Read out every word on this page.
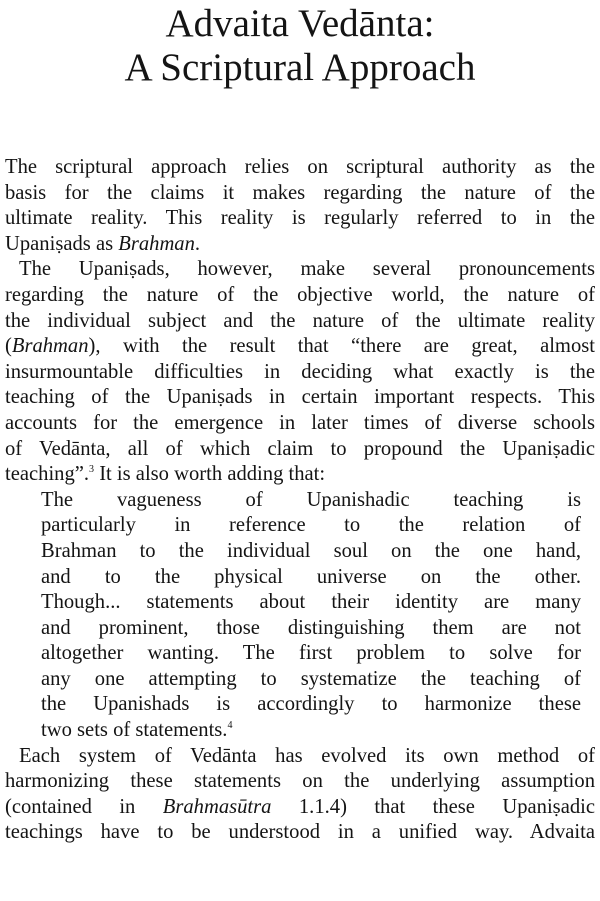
Advaita Vedānta:
A Scriptural Approach

The scriptural approach relies on scriptural authority as the
basis for the claims it makes regarding the nature of the
ultimate reality. This reality is regularly referred to in the
Upaniṣads as Brahman.

The Upaniṣads, however, make several pronouncements
regarding the nature of the objective world, the nature of
the individual subject and the nature of the ultimate reality
(Brahman), with the result that “there are great, almost
insurmountable difficulties in deciding what exactly is the
teaching of the Upaniṣads in certain important respects. This
accounts for the emergence in later times of diverse schools
of Vedānta, all of which claim to propound the Upaniṣadic
teaching”.$^3$ It is also worth adding that:

The vagueness of Upanishadic teaching is
particularly in reference to the relation of
Brahman to the individual soul on the one hand,
and to the physical universe on the other.
Though... statements about their identity are many
and prominent, those distinguishing them are not
altogether wanting. The first problem to solve for
any one attempting to systematize the teaching of
the Upanishads is accordingly to harmonize these
two sets of statements.$^4$

Each system of Vedānta has evolved its own method of
harmonizing these statements on the underlying assumption
(contained in Brahmasūtra 1.1.4) that these Upaniṣadic
teachings have to be understood in a unified way. Advaita
